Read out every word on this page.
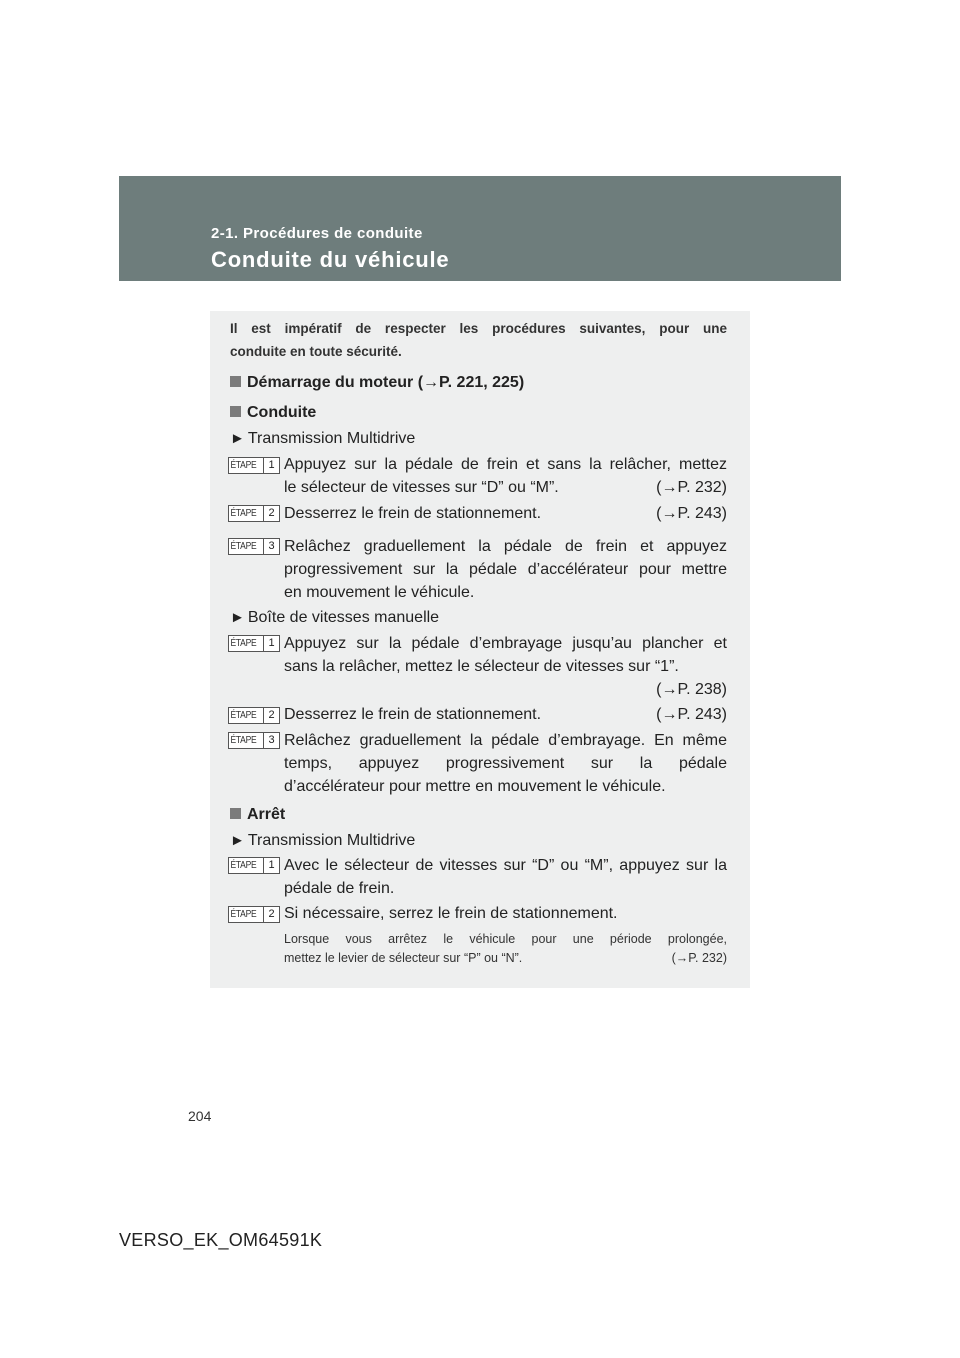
2-1. Procédures de conduite
Conduite du véhicule
Il est impératif de respecter les procédures suivantes, pour une
conduite en toute sécurité.
Démarrage du moteur (→P. 221, 225)
Conduite
► Transmission Multidrive
ÉTAPE	1 Appuyez sur la pédale de frein et sans la relâcher, mettez
le sélecteur de vitesses sur “D” ou “M”.	(→P. 232)
ÉTAPE	2 Desserrez le frein de stationnement.	(→P. 243)
ÉTAPE	3 Relâchez graduellement la pédale de frein et appuyez
progressivement sur la pédale d’accélérateur pour mettre
en mouvement le véhicule.
► Boîte de vitesses manuelle
ÉTAPE	1 Appuyez sur la pédale d’embrayage jusqu’au plancher et
sans la relâcher, mettez le sélecteur de vitesses sur “1”.
(→P. 238)
ÉTAPE	2 Desserrez le frein de stationnement.	(→P. 243)
ÉTAPE	3 Relâchez graduellement la pédale d’embrayage. En même
temps, appuyez progressivement sur la pédale
d’accélérateur pour mettre en mouvement le véhicule.
Arrêt
► Transmission Multidrive
ÉTAPE	1 Avec le sélecteur de vitesses sur “D” ou “M”, appuyez sur la
pédale de frein.
ÉTAPE	2 Si nécessaire, serrez le frein de stationnement.
Lorsque vous arrêtez le véhicule pour une période prolongée,
mettez le levier de sélecteur sur “P” ou “N”.	(→P. 232)
204
VERSO_EK_OM64591K
